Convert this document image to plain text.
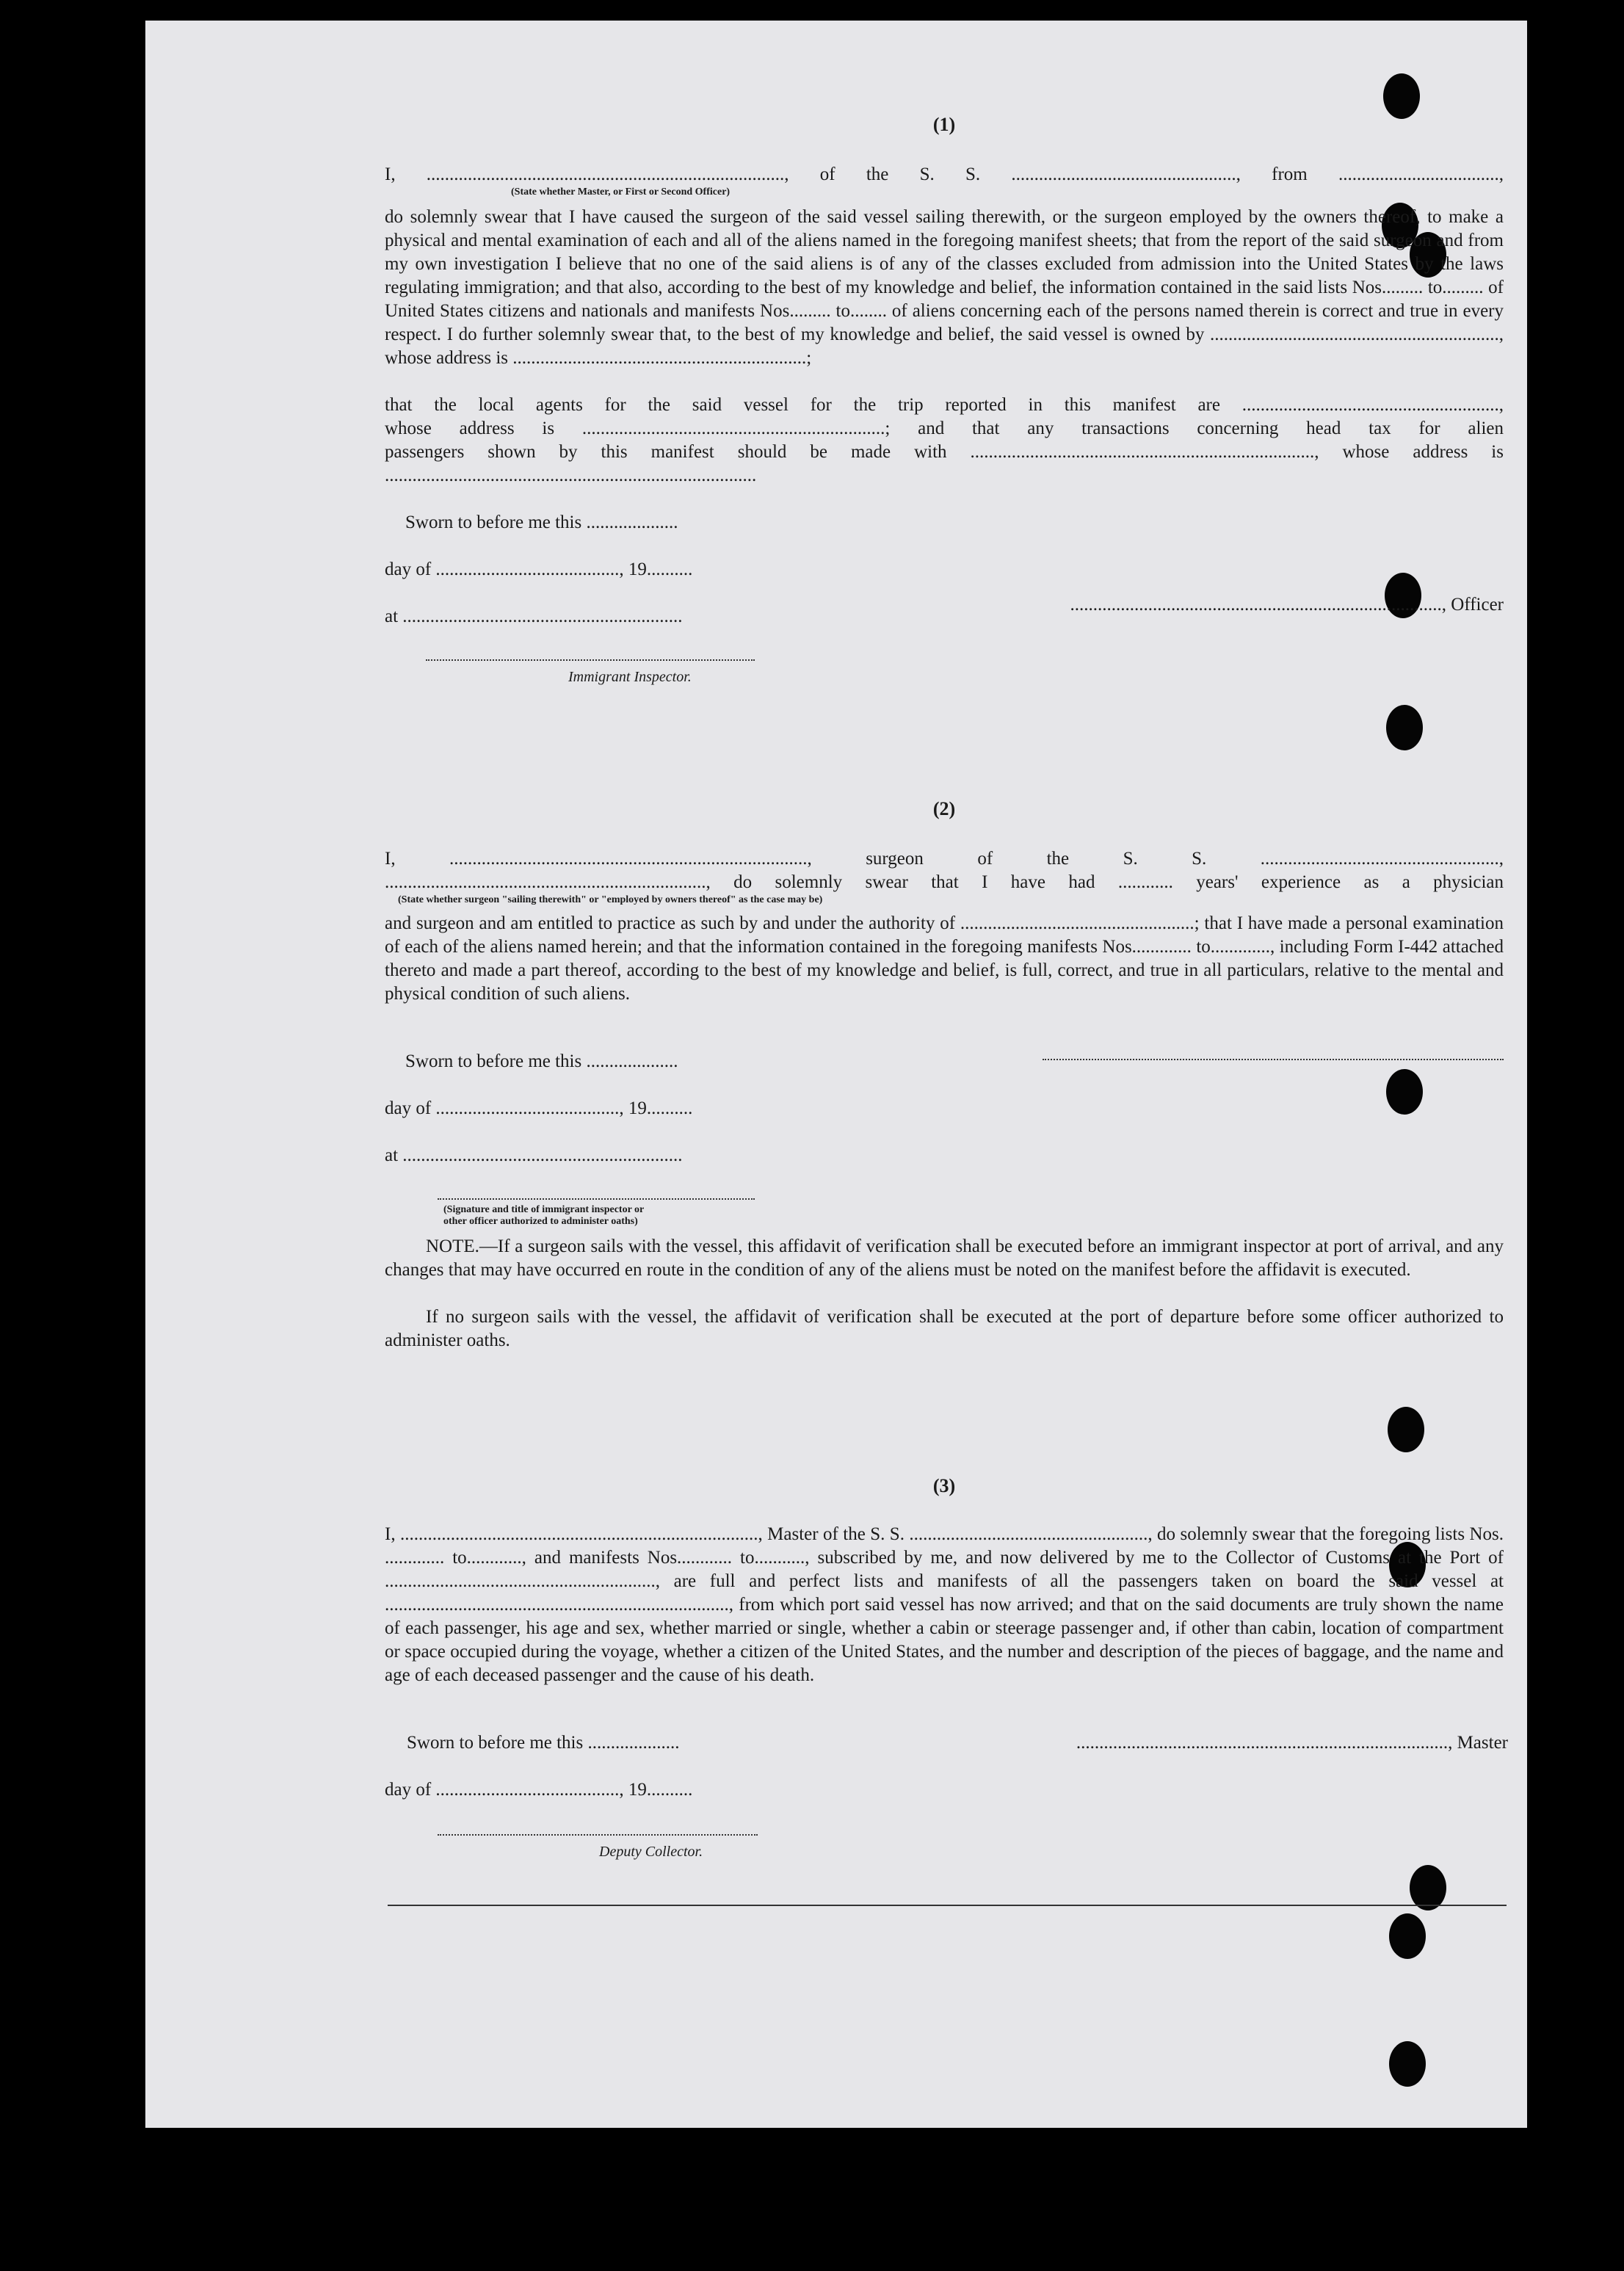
(1)
I, .............................................................................., of the S. S. ................................................., from ...................................,
(State whether Master, or First or Second Officer)
do solemnly swear that I have caused the surgeon of the said vessel sailing therewith, or the surgeon employed by the owners thereof, to make a physical and mental examination of each and all of the aliens named in the foregoing manifest sheets; that from the report of the said surgeon and from my own investigation I believe that no one of the said aliens is of any of the classes excluded from admission into the United States by the laws regulating immigration; and that also, according to the best of my knowledge and belief, the information contained in the said lists Nos......... to......... of United States citizens and nationals and manifests Nos......... to........ of aliens concerning each of the persons named therein is correct and true in every respect. I do further solemnly swear that, to the best of my knowledge and belief, the said vessel is owned by ..............................................................., whose address is ................................................................;
that the local agents for the said vessel for the trip reported in this manifest are ........................................................,
whose address is ..................................................................; and that any transactions concerning head tax for alien
passengers shown by this manifest should be made with ..........................................................................., whose address is
.................................................................................
Sworn to before me this ....................
day of ........................................, 19..........
................................................................................., Officer
at .............................................................
Immigrant Inspector.
(2)
I, .............................................................................., surgeon of the S. S. ....................................................,
......................................................................, do solemnly swear that I have had ............ years' experience as a physician
(State whether surgeon "sailing therewith" or "employed by owners thereof" as the case may be)
and surgeon and am entitled to practice as such by and under the authority of ...................................................; that I have made a personal examination of each of the aliens named herein; and that the information contained in the foregoing manifests Nos............. to............., including Form I-442 attached thereto and made a part thereof, according to the best of my knowledge and belief, is full, correct, and true in all particulars, relative to the mental and physical condition of such aliens.
Sworn to before me this ....................
day of ........................................, 19..........
at .............................................................
(Signature and title of immigrant inspector or
other officer authorized to administer oaths)
NOTE.—If a surgeon sails with the vessel, this affidavit of verification shall be executed before an immigrant inspector at port of arrival, and any changes that may have occurred en route in the condition of any of the aliens must be noted on the manifest before the affidavit is executed.
If no surgeon sails with the vessel, the affidavit of verification shall be executed at the port of departure before some officer authorized to administer oaths.
(3)
I, .............................................................................., Master of the S. S. ...................................................., do solemnly swear that the foregoing lists Nos. ............. to............, and manifests Nos............ to..........., subscribed by me, and now delivered by me to the Collector of Customs at the Port of ..........................................................., are full and perfect lists and manifests of all the passengers taken on board the said vessel at ..........................................................................., from which port said vessel has now arrived; and that on the said documents are truly shown the name of each passenger, his age and sex, whether married or single, whether a cabin or steerage passenger and, if other than cabin, location of compartment or space occupied during the voyage, whether a citizen of the United States, and the number and description of the pieces of baggage, and the name and age of each deceased passenger and the cause of his death.
Sworn to before me this ....................	................................................................................., Master
day of ........................................, 19..........
Deputy Collector.
